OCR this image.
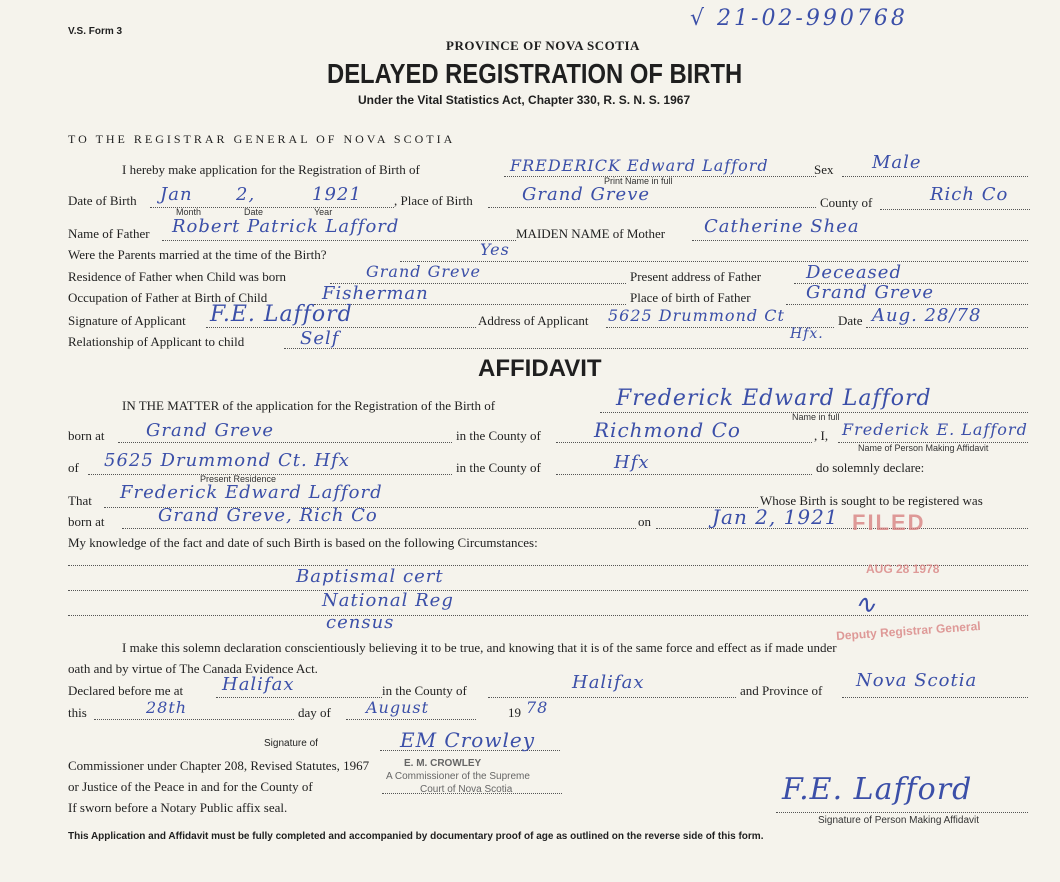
V.S. Form 3
√ 21-02-990768
PROVINCE OF NOVA SCOTIA
DELAYED REGISTRATION OF BIRTH
Under the Vital Statistics Act, Chapter 330, R. S. N. S. 1967
TO THE REGISTRAR GENERAL OF NOVA SCOTIA
I hereby make application for the Registration of Birth of	FREDERICK Edward Lafford
Print Name in full
Sex Male
Date of Birth Jan 2,	1921
Month	Date	Year
, Place of Birth	Grand Greve	County of	Rich Co
Name of Father Robert Patrick Lafford	MAIDEN NAME of Mother Catherine Shea
Were the Parents married at the time of the Birth?	Yes
Residence of Father when Child was born	Grand Greve	Present address of Father Deceased
Occupation of Father at Birth of Child	Fisherman	Place of birth of Father	Grand Greve
Signature of Applicant F.E. Lafford	Address of Applicant 5625 Drummond Ct
Hfx.
Date Aug. 28/78
Relationship of Applicant to child	Self
AFFIDAVIT
IN THE MATTER of the application for the Registration of the Birth of	Frederick Edward Lafford
Name in full
born at Grand Greve	in the County of	Richmond Co	, I, Frederick E. Lafford
Name of Person Making Affidavit
of 5625 Drummond Ct. Hfx
Present Residence
in the County of	Hfx	do solemnly declare:
That Frederick Edward Lafford	Whose Birth is sought to be registered was
born at	Grand Greve, Rich Co	on	Jan 2, 1921
My knowledge of the fact and date of such Birth is based on the following Circumstances:
Baptismal cert
National Reg
census
I make this solemn declaration conscientiously believing it to be true, and knowing that it is of the same force and effect as if made under
oath and by virtue of The Canada Evidence Act.
Declared before me at Halifax	in the County of	Halifax	and Province of Nova Scotia
this	28th	day of August	19 78
Signature of	EM Crowley
Commissioner under Chapter 208, Revised Statutes, 1967
or Justice of the Peace in and for the County of
If sworn before a Notary Public affix seal.
E. M. CROWLEY
A Commissioner of the Supreme
Court of Nova Scotia	F.E. Lafford
Signature of Person Making Affidavit
FILED
AUG 28 1978
Deputy Registrar General
∿
This Application and Affidavit must be fully completed and accompanied by documentary proof of age as outlined on the reverse side of this form.
